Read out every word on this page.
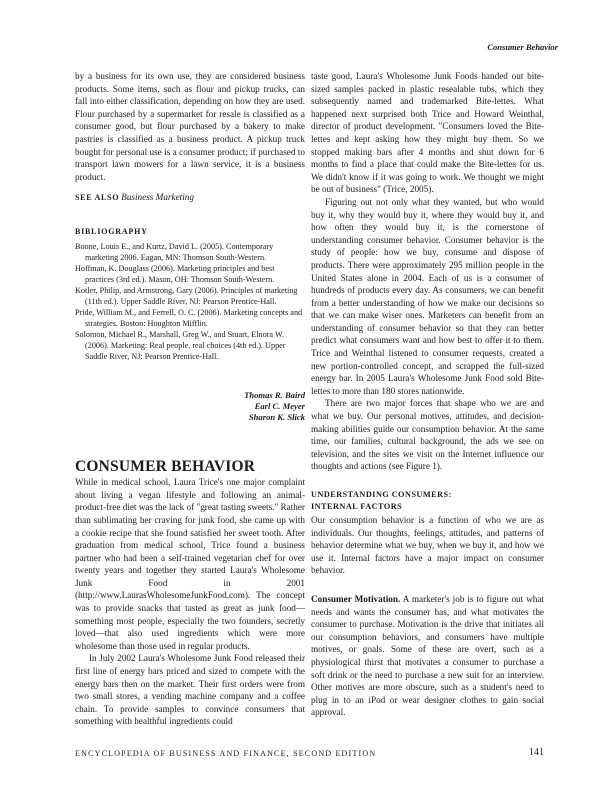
Consumer Behavior

by a business for its own use, they are considered business products. Some items, such as flour and pickup trucks, can fall into either classification, depending on how they are used. Flour purchased by a supermarket for resale is classified as a consumer good, but flour purchased by a bakery to make pastries is classified as a business product. A pickup truck bought for personal use is a consumer product; if purchased to transport lawn mowers for a lawn service, it is a business product.

SEE ALSO Business Marketing
BIBLIOGRAPHY
Boone, Louis E., and Kurtz, David L. (2005). Contemporary marketing 2006. Eagan, MN: Thomson South-Western.
Hoffman, K. Douglass (2006). Marketing principles and best practices (3rd ed.). Mason, OH: Thomson South-Western.
Kotler, Philip, and Armstrong, Gary (2006). Principles of marketing (11th ed.). Upper Saddle River, NJ: Pearson Prentice-Hall.
Pride, William M., and Ferrell, O. C. (2006). Marketing concepts and strategies. Boston: Houghton Mifflin.
Solomon, Michael R., Marshall, Greg W., and Stuart, Elnora W. (2006). Marketing: Real people, real choices (4th ed.). Upper Saddle River, NJ: Pearson Prentice-Hall.
Thomas R. Baird
Earl C. Meyer
Sharon K. Slick
CONSUMER BEHAVIOR

While in medical school, Laura Trice's one major complaint about living a vegan lifestyle and following an animal-product-free diet was the lack of "great tasting sweets." Rather than sublimating her craving for junk food, she came up with a cookie recipe that she found satisfied her sweet tooth. After graduation from medical school, Trice found a business partner who had been a self-trained vegetarian chef for over twenty years and together they started Laura's Wholesome Junk Food in 2001 (http://www.LaurasWholesomeJunkFood.com). The concept was to provide snacks that tasted as great as junk food—something most people, especially the two founders, secretly loved—that also used ingredients which were more wholesome than those used in regular products.

In July 2002 Laura's Wholesome Junk Food released their first line of energy bars priced and sized to compete with the energy bars then on the market. Their first orders were from two small stores, a vending machine company and a coffee chain. To provide samples to convince consumers that something with healthful ingredients could

taste good, Laura's Wholesome Junk Foods handed out bite-sized samples packed in plastic resealable tubs, which they subsequently named and trademarked Bite-lettes. What happened next surprised both Trice and Howard Weinthal, director of product development. "Consumers loved the Bite-lettes and kept asking how they might buy them. So we stopped making bars after 4 months and shut down for 6 months to find a place that could make the Bite-lettes for us. We didn't know if it was going to work. We thought we might be out of business" (Trice, 2005).

Figuring out not only what they wanted, but who would buy it, why they would buy it, where they would buy it, and how often they would buy it, is the cornerstone of understanding consumer behavior. Consumer behavior is the study of people: how we buy, consume and dispose of products. There were approximately 295 million people in the United States alone in 2004. Each of us is a consumer of hundreds of products every day. As consumers, we can benefit from a better understanding of how we make our decisions so that we can make wiser ones. Marketers can benefit from an understanding of consumer behavior so that they can better predict what consumers want and how best to offer it to them. Trice and Weinthal listened to consumer requests, created a new portion-controlled concept, and scrapped the full-sized energy bar. In 2005 Laura's Wholesome Junk Food sold Bite-lettes to more than 180 stores nationwide.

There are two major forces that shape who we are and what we buy. Our personal motives, attitudes, and decision-making abilities guide our consumption behavior. At the same time, our families, cultural background, the ads we see on television, and the sites we visit on the Internet influence our thoughts and actions (see Figure 1).

UNDERSTANDING CONSUMERS:
INTERNAL FACTORS

Our consumption behavior is a function of who we are as individuals. Our thoughts, feelings, attitudes, and patterns of behavior determine what we buy, when we buy it, and how we use it. Internal factors have a major impact on consumer behavior.

Consumer Motivation. A marketer's job is to figure out what needs and wants the consumer has, and what motivates the consumer to purchase. Motivation is the drive that initiates all our consumption behaviors, and consumers have multiple motives, or goals. Some of these are overt, such as a physiological thirst that motivates a consumer to purchase a soft drink or the need to purchase a new suit for an interview. Other motives are more obscure, such as a student's need to plug in to an iPod or wear designer clothes to gain social approval.

ENCYCLOPEDIA OF BUSINESS AND FINANCE, SECOND EDITION	141
